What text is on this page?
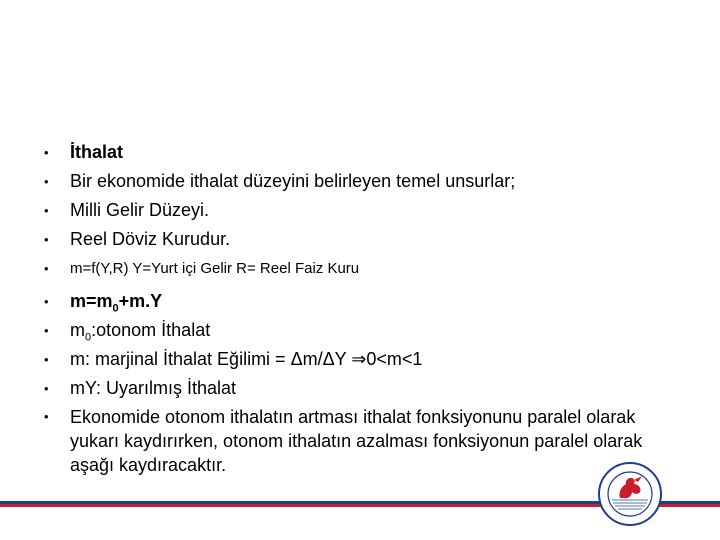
• İthalat
• Bir ekonomide ithalat düzeyini belirleyen temel unsurlar;
• Milli Gelir Düzeyi.
• Reel Döviz Kurudur.
• m=f(Y,R) Y=Yurt içi Gelir R= Reel Faiz Kuru
• $m=m_0+m.Y$
• $m_0:otonom$ İthalat
• m: marjinal İthalat Eğilimi = Δm/ΔY ⇒0<m<1
• mY: Uyarılmış İthalat
• Ekonomide otonom ithalatın artması ithalat fonksiyonunu paralel olarak yukarı kaydırırken, otonom ithalatın azalması fonksiyonun paralel olarak aşağı kaydıracaktır.
